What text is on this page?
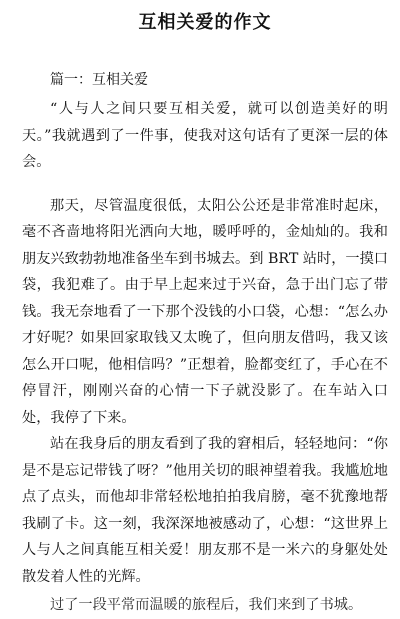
互相关爱的作文
篇一：互相关爱

“人与人之间只要互相关爱，就可以创造美好的明天。”我就遇到了一件事，使我对这句话有了更深一层的体会。

那天，尽管温度很低，太阳公公还是非常准时起床，毫不吝啬地将阳光洒向大地，暖呼呼的，金灿灿的。我和朋友兴致勃勃地准备坐车到书城去。到 BRT 站时，一摸口袋，我犯难了。由于早上起来过于兴奋，急于出门忘了带钱。我无奈地看了一下那个没钱的小口袋，心想：“怎么办才好呢？如果回家取钱又太晚了，但向朋友借吗，我又该怎么开口呢，他相信吗？”正想着，脸都变红了，手心在不停冒汗，刚刚兴奋的心情一下子就没影了。在车站入口处，我停了下来。

站在我身后的朋友看到了我的窘相后，轻轻地问：“你是不是忘记带钱了呀？”他用关切的眼神望着我。我尴尬地点了点头，而他却非常轻松地拍拍我肩膀，毫不犹豫地帮我刷了卡。这一刻，我深深地被感动了，心想：“这世界上人与人之间真能互相关爱！朋友那不是一米六的身躯处处散发着人性的光辉。

过了一段平常而温暖的旅程后，我们来到了书城。
